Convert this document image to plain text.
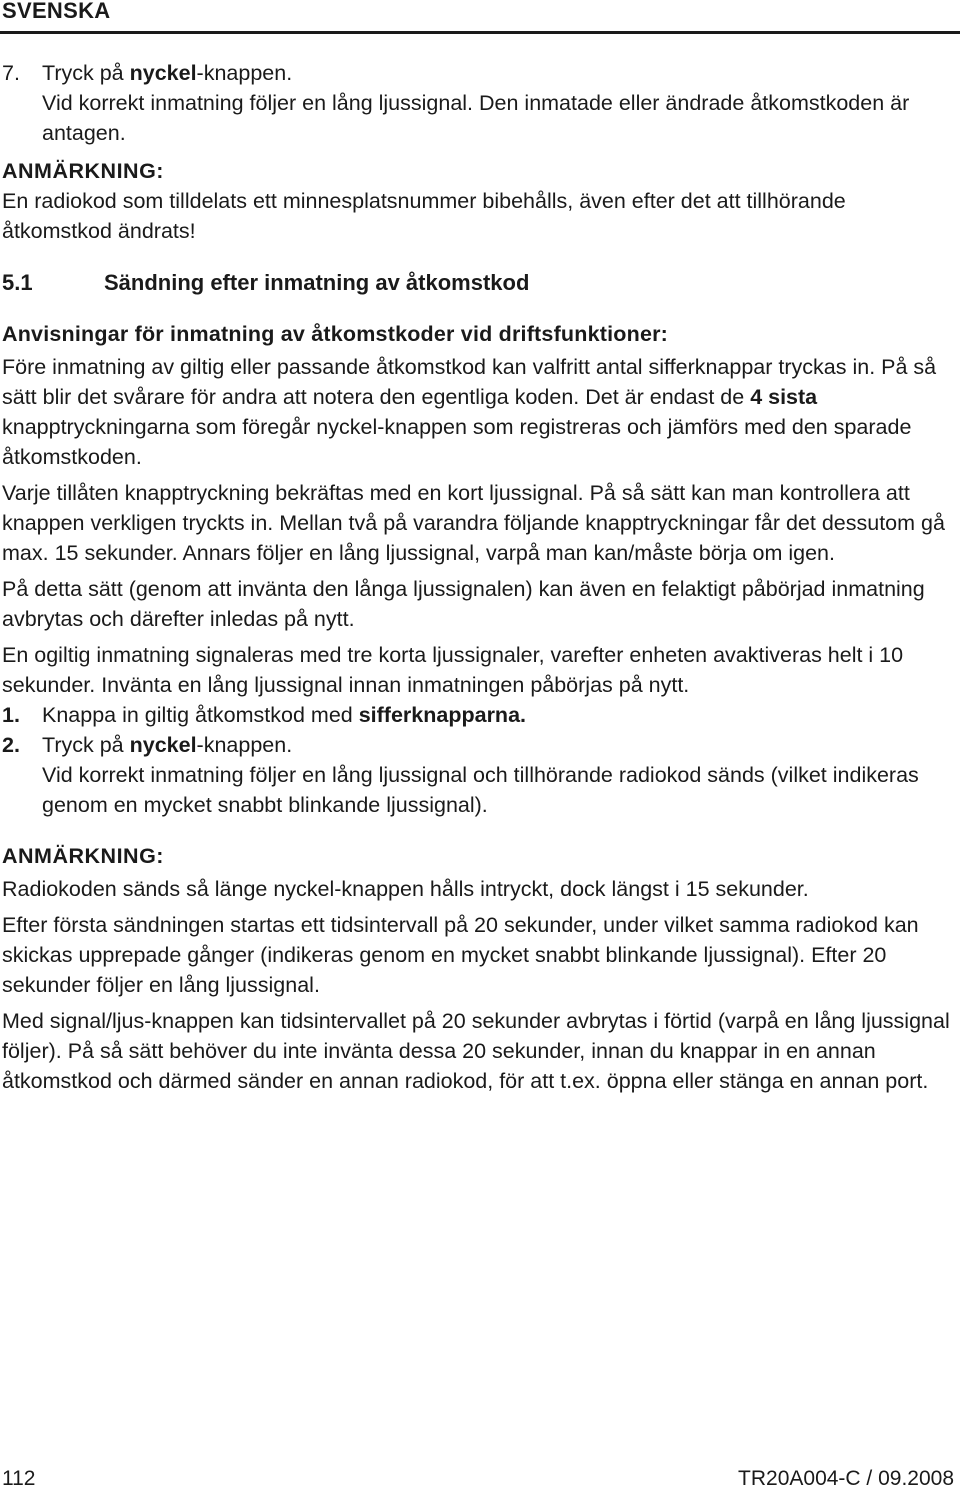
SVENSKA
7.	Tryck på nyckel-knappen.

Vid korrekt inmatning följer en lång ljussignal. Den inmatade eller ändrade åtkomstkoden är antagen.

ANMÄRKNING:

En radiokod som tilldelats ett minnesplatsnummer bibehålls, även efter det att tillhörande åtkomstkod ändrats!

5.1	Sändning efter inmatning av åtkomstkod
Anvisningar för inmatning av åtkomstkoder vid driftsfunktioner:

Före inmatning av giltig eller passande åtkomstkod kan valfritt antal sifferknappar tryckas in. På så sätt blir det svårare för andra att notera den egentliga koden. Det är endast de 4 sista knapptryckningarna som föregår nyckel-knappen som registreras och jämförs med den sparade åtkomstkoden.

Varje tillåten knapptryckning bekräftas med en kort ljussignal. På så sätt kan man kontrollera att knappen verkligen tryckts in. Mellan två på varandra följande knapptryckningar får det dessutom gå max. 15 sekunder. Annars följer en lång ljussignal, varpå man kan/måste börja om igen.

På detta sätt (genom att invänta den långa ljussignalen) kan även en felaktigt påbörjad inmatning avbrytas och därefter inledas på nytt.

En ogiltig inmatning signaleras med tre korta ljussignaler, varefter enheten avaktiveras helt i 10 sekunder. Invänta en lång ljussignal innan inmatningen påbörjas på nytt.

1.	Knappa in giltig åtkomstkod med sifferknapparna.

2.	Tryck på nyckel-knappen.

Vid korrekt inmatning följer en lång ljussignal och tillhörande radiokod sänds (vilket indikeras genom en mycket snabbt blinkande ljussignal).

ANMÄRKNING:

Radiokoden sänds så länge nyckel-knappen hålls intryckt, dock längst i 15 sekunder.

Efter första sändningen startas ett tidsintervall på 20 sekunder, under vilket samma radiokod kan skickas upprepade gånger (indikeras genom en mycket snabbt blinkande ljussignal). Efter 20 sekunder följer en lång ljussignal.

Med signal/ljus-knappen kan tidsintervallet på 20 sekunder avbrytas i förtid (varpå en lång ljussignal följer). På så sätt behöver du inte invänta dessa 20 sekunder, innan du knappar in en annan åtkomstkod och därmed sänder en annan radiokod, för att t.ex. öppna eller stänga en annan port.

112	TR20A004-C / 09.2008
